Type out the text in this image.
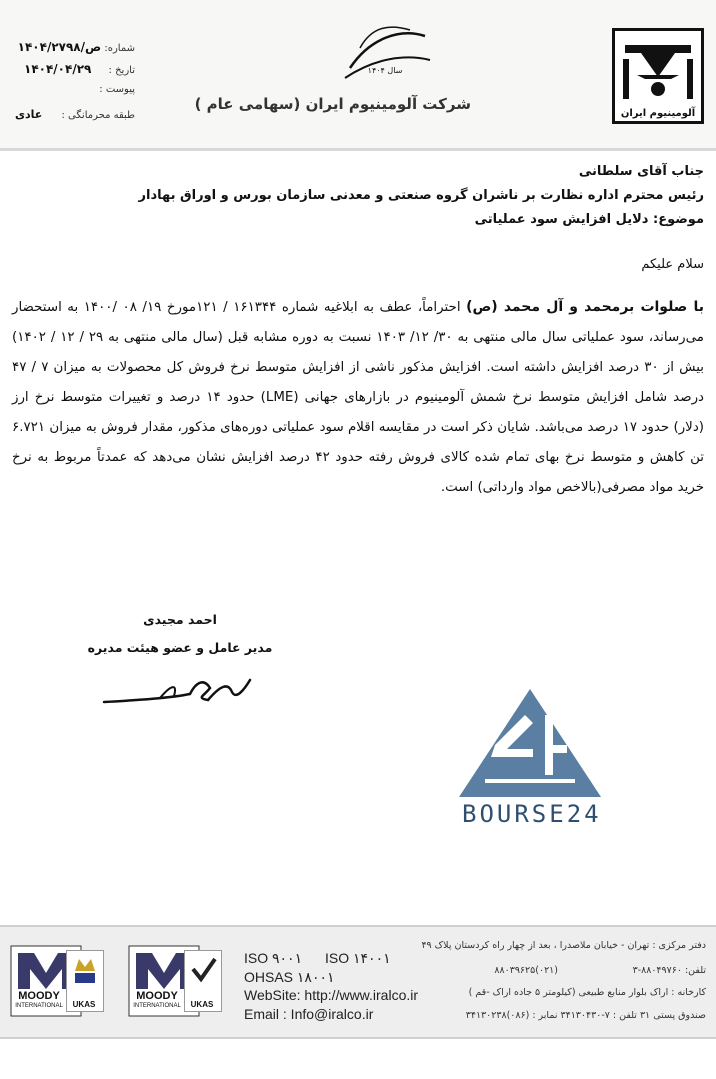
آلومینیوم ایران
سال ۱۴۰۴
شرکت آلومینیوم ایران (سهامی عام )
شماره: ص/۱۴۰۴/۲۷۹۸
تاریخ : ۱۴۰۴/۰۴/۲۹
پیوست :
طبقه محرمانگی : عادی
جناب آقای سلطانی
رئیس محترم اداره نظارت بر ناشران گروه صنعتی و معدنی سازمان بورس و اوراق بهادار
موضوع: دلایل افزایش سود عملیاتی
سلام علیکم
با صلوات برمحمد و آل محمد (ص) احتراماً، عطف به ابلاغیه شماره ۱۶۱۳۴۴ / ۱۲۱مورخ ۱۹/ ۰۸ /۱۴۰۰ به استحضار می‌رساند، سود عملیاتی سال مالی منتهی به ۳۰/ ۱۲/ ۱۴۰۳ نسبت به دوره مشابه قبل (سال مالی منتهی به ۲۹ / ۱۲ / ۱۴۰۲) بیش از ۳۰ درصد افزایش داشته است. افزایش مذکور ناشی از افزایش متوسط نرخ فروش کل محصولات به میزان ۷ / ۴۷ درصد شامل افزایش متوسط نرخ شمش آلومینیوم در بازارهای جهانی (LME) حدود ۱۴ درصد و تغییرات متوسط نرخ ارز (دلار) حدود ۱۷ درصد می‌باشد. شایان ذکر است در مقایسه اقلام سود عملیاتی دوره‌های مذکور، مقدار فروش به میزان ۶.۷۲۱ تن کاهش و متوسط نرخ بهای تمام شده کالای فروش رفته حدود ۴۲ درصد افزایش نشان می‌دهد که عمدتاً مربوط به نرخ خرید مواد مصرفی(بالاخص مواد وارداتی) است.
احمد مجیدی
مدیر عامل و عضو هیئت مدیره
BOURSE24
MOODY
INTERNATIONAL	UKAS
MOODY
INTERNATIONAL	UKAS
ISO ۹۰۰۱ ISO ۱۴۰۰۱
OHSAS ۱۸۰۰۱
WebSite: http://www.iralco.ir
Email : Info@iralco.ir
دفتر مرکزی : تهران - خیابان ملاصدرا ، بعد از چهار راه کردستان پلاک ۴۹
تلفن: ۸۸۰۴۹۷۶۰-۳
(۰۲۱)۸۸۰۳۹۶۲۵
کارخانه : اراک بلوار منابع طبیعی (کیلومتر ۵ جاده اراک -قم )
صندوق پستی ۳۱ تلفن : ۷-۳۴۱۳۰۴۳۰ نمابر : (۰۸۶)۳۴۱۳۰۲۳۸
